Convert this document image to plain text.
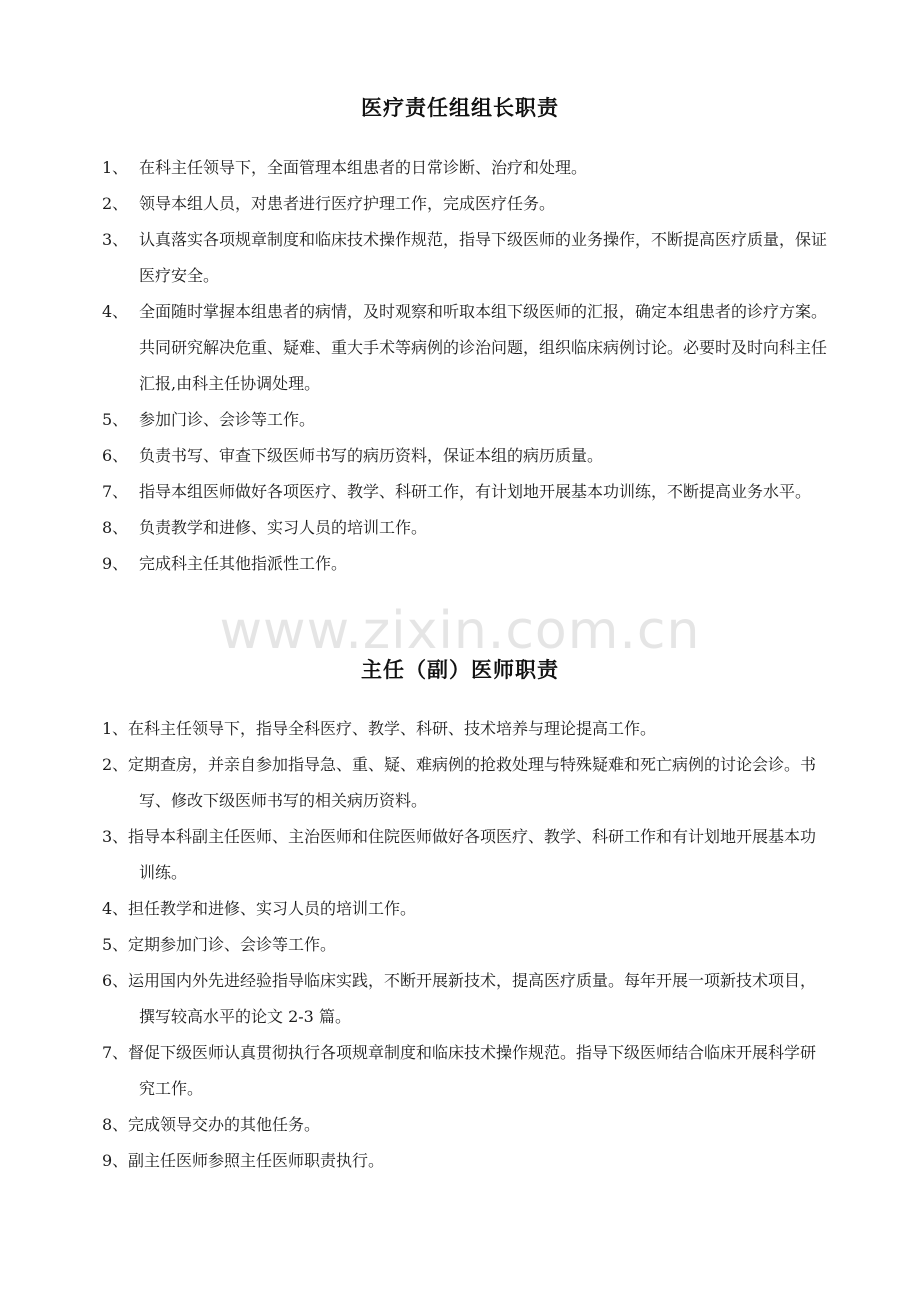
医疗责任组组长职责
1、 在科主任领导下，全面管理本组患者的日常诊断、治疗和处理。
2、 领导本组人员，对患者进行医疗护理工作，完成医疗任务。
3、 认真落实各项规章制度和临床技术操作规范，指导下级医师的业务操作，不断提高医疗质量，保证医疗安全。
4、 全面随时掌握本组患者的病情，及时观察和听取本组下级医师的汇报，确定本组患者的诊疗方案。共同研究解决危重、疑难、重大手术等病例的诊治问题，组织临床病例讨论。必要时及时向科主任汇报,由科主任协调处理。
5、 参加门诊、会诊等工作。
6、 负责书写、审查下级医师书写的病历资料，保证本组的病历质量。
7、 指导本组医师做好各项医疗、教学、科研工作，有计划地开展基本功训练，不断提高业务水平。
8、 负责教学和进修、实习人员的培训工作。
9、 完成科主任其他指派性工作。
www.zixin.com.cn
主任（副）医师职责
1、 在科主任领导下，指导全科医疗、教学、科研、技术培养与理论提高工作。
2、 定期查房，并亲自参加指导急、重、疑、难病例的抢救处理与特殊疑难和死亡病例的讨论会诊。书写、修改下级医师书写的相关病历资料。
3、 指导本科副主任医师、主治医师和住院医师做好各项医疗、教学、科研工作和有计划地开展基本功训练。
4、 担任教学和进修、实习人员的培训工作。
5、 定期参加门诊、会诊等工作。
6、 运用国内外先进经验指导临床实践，不断开展新技术，提高医疗质量。每年开展一项新技术项目，撰写较高水平的论文 2-3 篇。
7、 督促下级医师认真贯彻执行各项规章制度和临床技术操作规范。指导下级医师结合临床开展科学研究工作。
8、 完成领导交办的其他任务。
9、 副主任医师参照主任医师职责执行。
